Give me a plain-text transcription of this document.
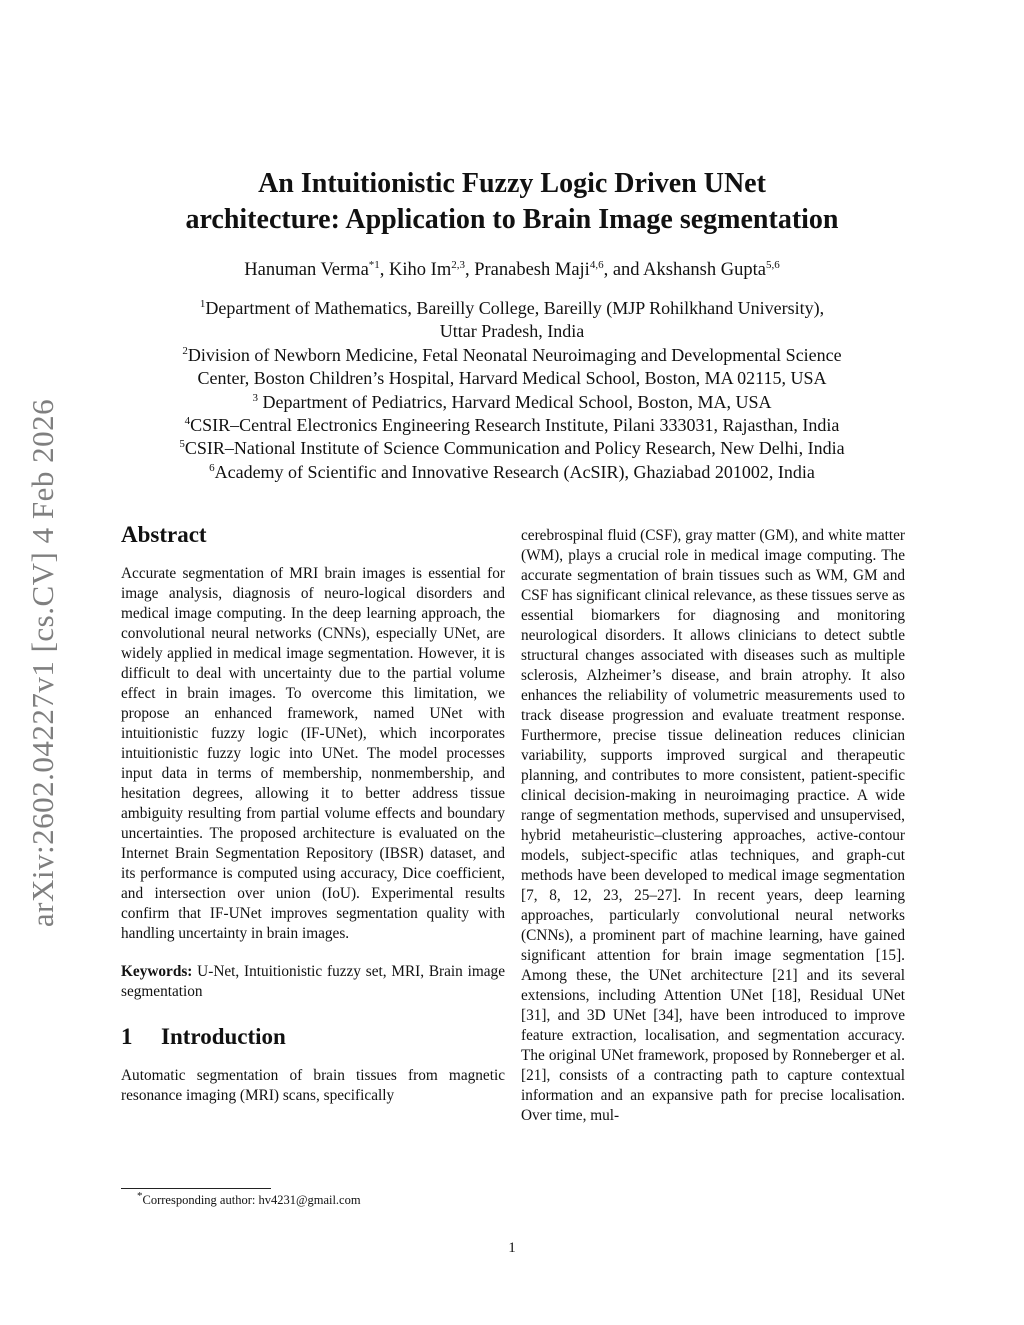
arXiv:2602.04227v1 [cs.CV] 4 Feb 2026
An Intuitionistic Fuzzy Logic Driven UNet
architecture: Application to Brain Image segmentation
Hanuman Verma$^{*1}$, Kiho Im$^{2,3}$, Pranabesh Maji$^{4,6}$, and Akshansh Gupta$^{5,6}$
$^1$Department of Mathematics, Bareilly College, Bareilly (MJP Rohilkhand University),
Uttar Pradesh, India
$^2$Division of Newborn Medicine, Fetal Neonatal Neuroimaging and Developmental Science
Center, Boston Children’s Hospital, Harvard Medical School, Boston, MA 02115, USA
$^3$ Department of Pediatrics, Harvard Medical School, Boston, MA, USA
$^4$CSIR–Central Electronics Engineering Research Institute, Pilani 333031, Rajasthan, India
$^5$CSIR–National Institute of Science Communication and Policy Research, New Delhi, India
$^6$Academy of Scientific and Innovative Research (AcSIR), Ghaziabad 201002, India
Abstract

Accurate segmentation of MRI brain images is essential for image analysis, diagnosis of neuro-logical disorders and medical image computing. In the deep learning approach, the convolutional neural networks (CNNs), especially UNet, are widely applied in medical image segmentation. However, it is difficult to deal with uncertainty due to the partial volume effect in brain images. To overcome this limitation, we propose an enhanced framework, named UNet with intuitionistic fuzzy logic (IF-UNet), which incorporates intuitionistic fuzzy logic into UNet. The model processes input data in terms of membership, nonmembership, and hesitation degrees, allowing it to better address tissue ambiguity resulting from partial volume effects and boundary uncertainties. The proposed architecture is evaluated on the Internet Brain Segmentation Repository (IBSR) dataset, and its performance is computed using accuracy, Dice coefficient, and intersection over union (IoU). Experimental results confirm that IF-UNet improves segmentation quality with handling uncertainty in brain images.

Keywords: U-Net, Intuitionistic fuzzy set, MRI, Brain image segmentation

1 Introduction

Automatic segmentation of brain tissues from magnetic resonance imaging (MRI) scans, specifically

cerebrospinal fluid (CSF), gray matter (GM), and white matter (WM), plays a crucial role in medical image computing. The accurate segmentation of brain tissues such as WM, GM and CSF has significant clinical relevance, as these tissues serve as essential biomarkers for diagnosing and monitoring neurological disorders. It allows clinicians to detect subtle structural changes associated with diseases such as multiple sclerosis, Alzheimer’s disease, and brain atrophy. It also enhances the reliability of volumetric measurements used to track disease progression and evaluate treatment response. Furthermore, precise tissue delineation reduces clinician variability, supports improved surgical and therapeutic planning, and contributes to more consistent, patient-specific clinical decision-making in neuroimaging practice. A wide range of segmentation methods, supervised and unsupervised, hybrid metaheuristic–clustering approaches, active-contour models, subject-specific atlas techniques, and graph-cut methods have been developed to medical image segmentation [7, 8, 12, 23, 25–27]. In recent years, deep learning approaches, particularly convolutional neural networks (CNNs), a prominent part of machine learning, have gained significant attention for brain image segmentation [15]. Among these, the UNet architecture [21] and its several extensions, including Attention UNet [18], Residual UNet [31], and 3D UNet [34], have been introduced to improve feature extraction, localisation, and segmentation accuracy. The original UNet framework, proposed by Ronneberger et al. [21], consists of a contracting path to capture contextual information and an expansive path for precise localisation. Over time, mul-

*Corresponding author: hv4231@gmail.com
1
